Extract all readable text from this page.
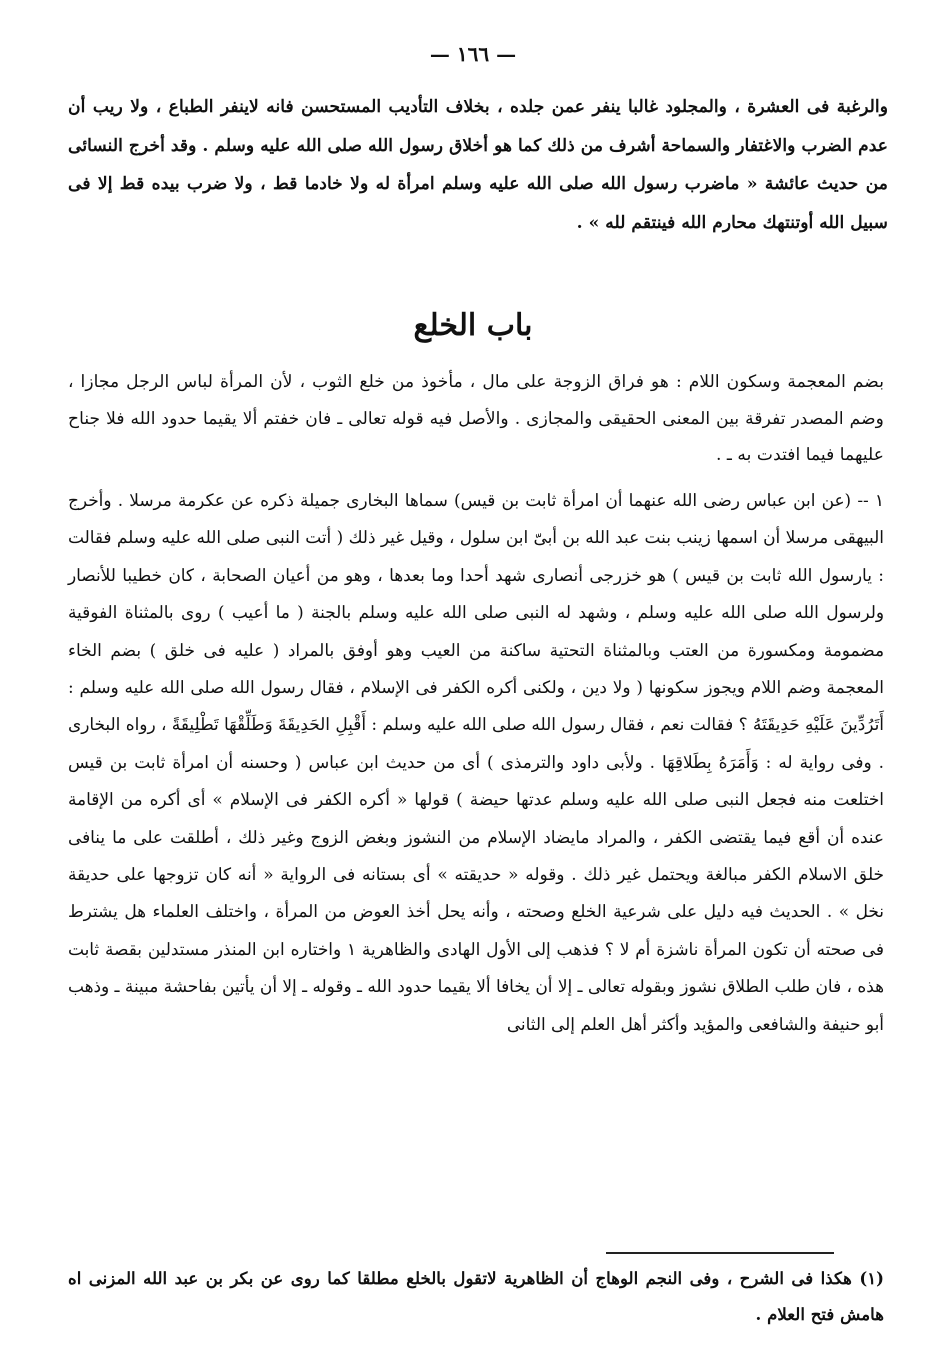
— ١٦٦ —

والرغبة فى العشرة ، والمجلود غالبا ينفر عمن جلده ، بخلاف التأديب المستحسن فانه لاينفر الطباع ، ولا ريب أن عدم الضرب والاغتفار والسماحة أشرف من ذلك كما هو أخلاق رسول الله صلى الله عليه وسلم . وقد أخرج النسائى من حديث عائشة « ماضرب رسول الله صلى الله عليه وسلم امرأة له ولا خادما قط ، ولا ضرب بيده قط إلا فى سبيل الله أوتنتهك محارم الله فينتقم لله » .

باب الخلع

بضم المعجمة وسكون اللام : هو فراق الزوجة على مال ، مأخوذ من خلع الثوب ، لأن المرأة لباس الرجل مجازا ، وضم المصدر تفرقة بين المعنى الحقيقى والمجازى . والأصل فيه قوله تعالى ـ فان خفتم ألا يقيما حدود الله فلا جناح عليهما فيما افتدت به ـ .

١ -- (عن ابن عباس رضى الله عنهما أن امرأة ثابت بن قيس) سماها البخارى جميلة ذكره عن عكرمة مرسلا . وأخرج البيهقى مرسلا أن اسمها زينب بنت عبد الله بن أبىّ ابن سلول ، وقيل غير ذلك ( أتت النبى صلى الله عليه وسلم فقالت : يارسول الله ثابت بن قيس ) هو خزرجى أنصارى شهد أحدا وما بعدها ، وهو من أعيان الصحابة ، كان خطيبا للأنصار ولرسول الله صلى الله عليه وسلم ، وشهد له النبى صلى الله عليه وسلم بالجنة ( ما أعيب ) روى بالمثناة الفوقية مضمومة ومكسورة من العتب وبالمثناة التحتية ساكنة من العيب وهو أوفق بالمراد ( عليه فى خلق ) بضم الخاء المعجمة وضم اللام ويجوز سكونها ( ولا دين ، ولكنى أكره الكفر فى الإسلام ، فقال رسول الله صلى الله عليه وسلم : أَتَرُدِّينَ عَلَيْهِ حَدِيقَتَهُ ؟ فقالت نعم ، فقال رسول الله صلى الله عليه وسلم : أَقْبِلِ الحَدِيقَةَ وَطَلِّقْهَا تَطْلِيقَةً ، رواه البخارى . وفى رواية له : وَأَمَرَهُ بِطَلاقِهَا . ولأبى داود والترمذى ) أى من حديث ابن عباس ( وحسنه أن امرأة ثابت بن قيس اختلعت منه فجعل النبى صلى الله عليه وسلم عدتها حيضة ) قولها « أكره الكفر فى الإسلام » أى أكره من الإقامة عنده أن أقع فيما يقتضى الكفر ، والمراد مايضاد الإسلام من النشوز وبغض الزوج وغير ذلك ، أطلقت على ما ينافى خلق الاسلام الكفر مبالغة ويحتمل غير ذلك . وقوله « حديقته » أى بستانه فى الرواية « أنه كان تزوجها على حديقة نخل » . الحديث فيه دليل على شرعية الخلع وصحته ، وأنه يحل أخذ العوض من المرأة ، واختلف العلماء هل يشترط فى صحته أن تكون المرأة ناشزة أم لا ؟ فذهب إلى الأول الهادى والظاهرية ١ واختاره ابن المنذر مستدلين بقصة ثابت هذه ، فان طلب الطلاق نشوز وبقوله تعالى ـ إلا أن يخافا ألا يقيما حدود الله ـ وقوله ـ إلا أن يأتين بفاحشة مبينة ـ وذهب أبو حنيفة والشافعى والمؤيد وأكثر أهل العلم إلى الثانى

(١) هكذا فى الشرح ، وفى النجم الوهاج أن الظاهرية لاتقول بالخلع مطلقا كما روى عن بكر بن عبد الله المزنى اه هامش فتح العلام .
